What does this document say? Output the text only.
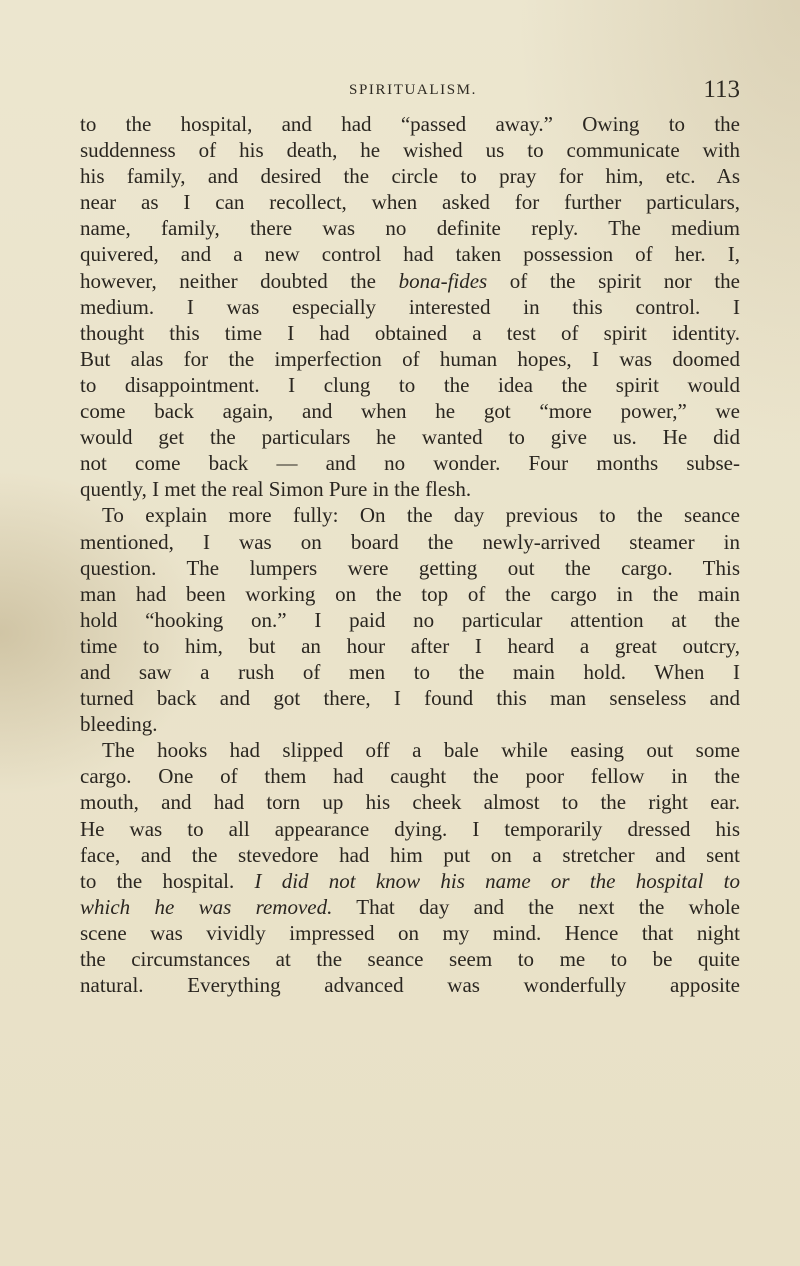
SPIRITUALISM.	113

to the hospital, and had “passed away.” Owing to the

suddenness of his death, he wished us to communicate with

his family, and desired the circle to pray for him, etc. As

near as I can recollect, when asked for further particulars,

name, family, there was no definite reply. The medium

quivered, and a new control had taken possession of her. I,

however, neither doubted the bona-fides of the spirit nor the

medium. I was especially interested in this control. I

thought this time I had obtained a test of spirit identity.

But alas for the imperfection of human hopes, I was doomed

to disappointment. I clung to the idea the spirit would

come back again, and when he got “more power,” we

would get the particulars he wanted to give us. He did

not come back — and no wonder. Four months subse-

quently, I met the real Simon Pure in the flesh.

To explain more fully: On the day previous to the seance

mentioned, I was on board the newly-arrived steamer in

question. The lumpers were getting out the cargo. This

man had been working on the top of the cargo in the main

hold “hooking on.” I paid no particular attention at the

time to him, but an hour after I heard a great outcry,

and saw a rush of men to the main hold. When I

turned back and got there, I found this man senseless and

bleeding.

The hooks had slipped off a bale while easing out some

cargo. One of them had caught the poor fellow in the

mouth, and had torn up his cheek almost to the right ear.

He was to all appearance dying. I temporarily dressed his

face, and the stevedore had him put on a stretcher and sent

to the hospital. I did not know his name or the hospital to

which he was removed. That day and the next the whole

scene was vividly impressed on my mind. Hence that night

the circumstances at the seance seem to me to be quite

natural. Everything advanced was wonderfully apposite
